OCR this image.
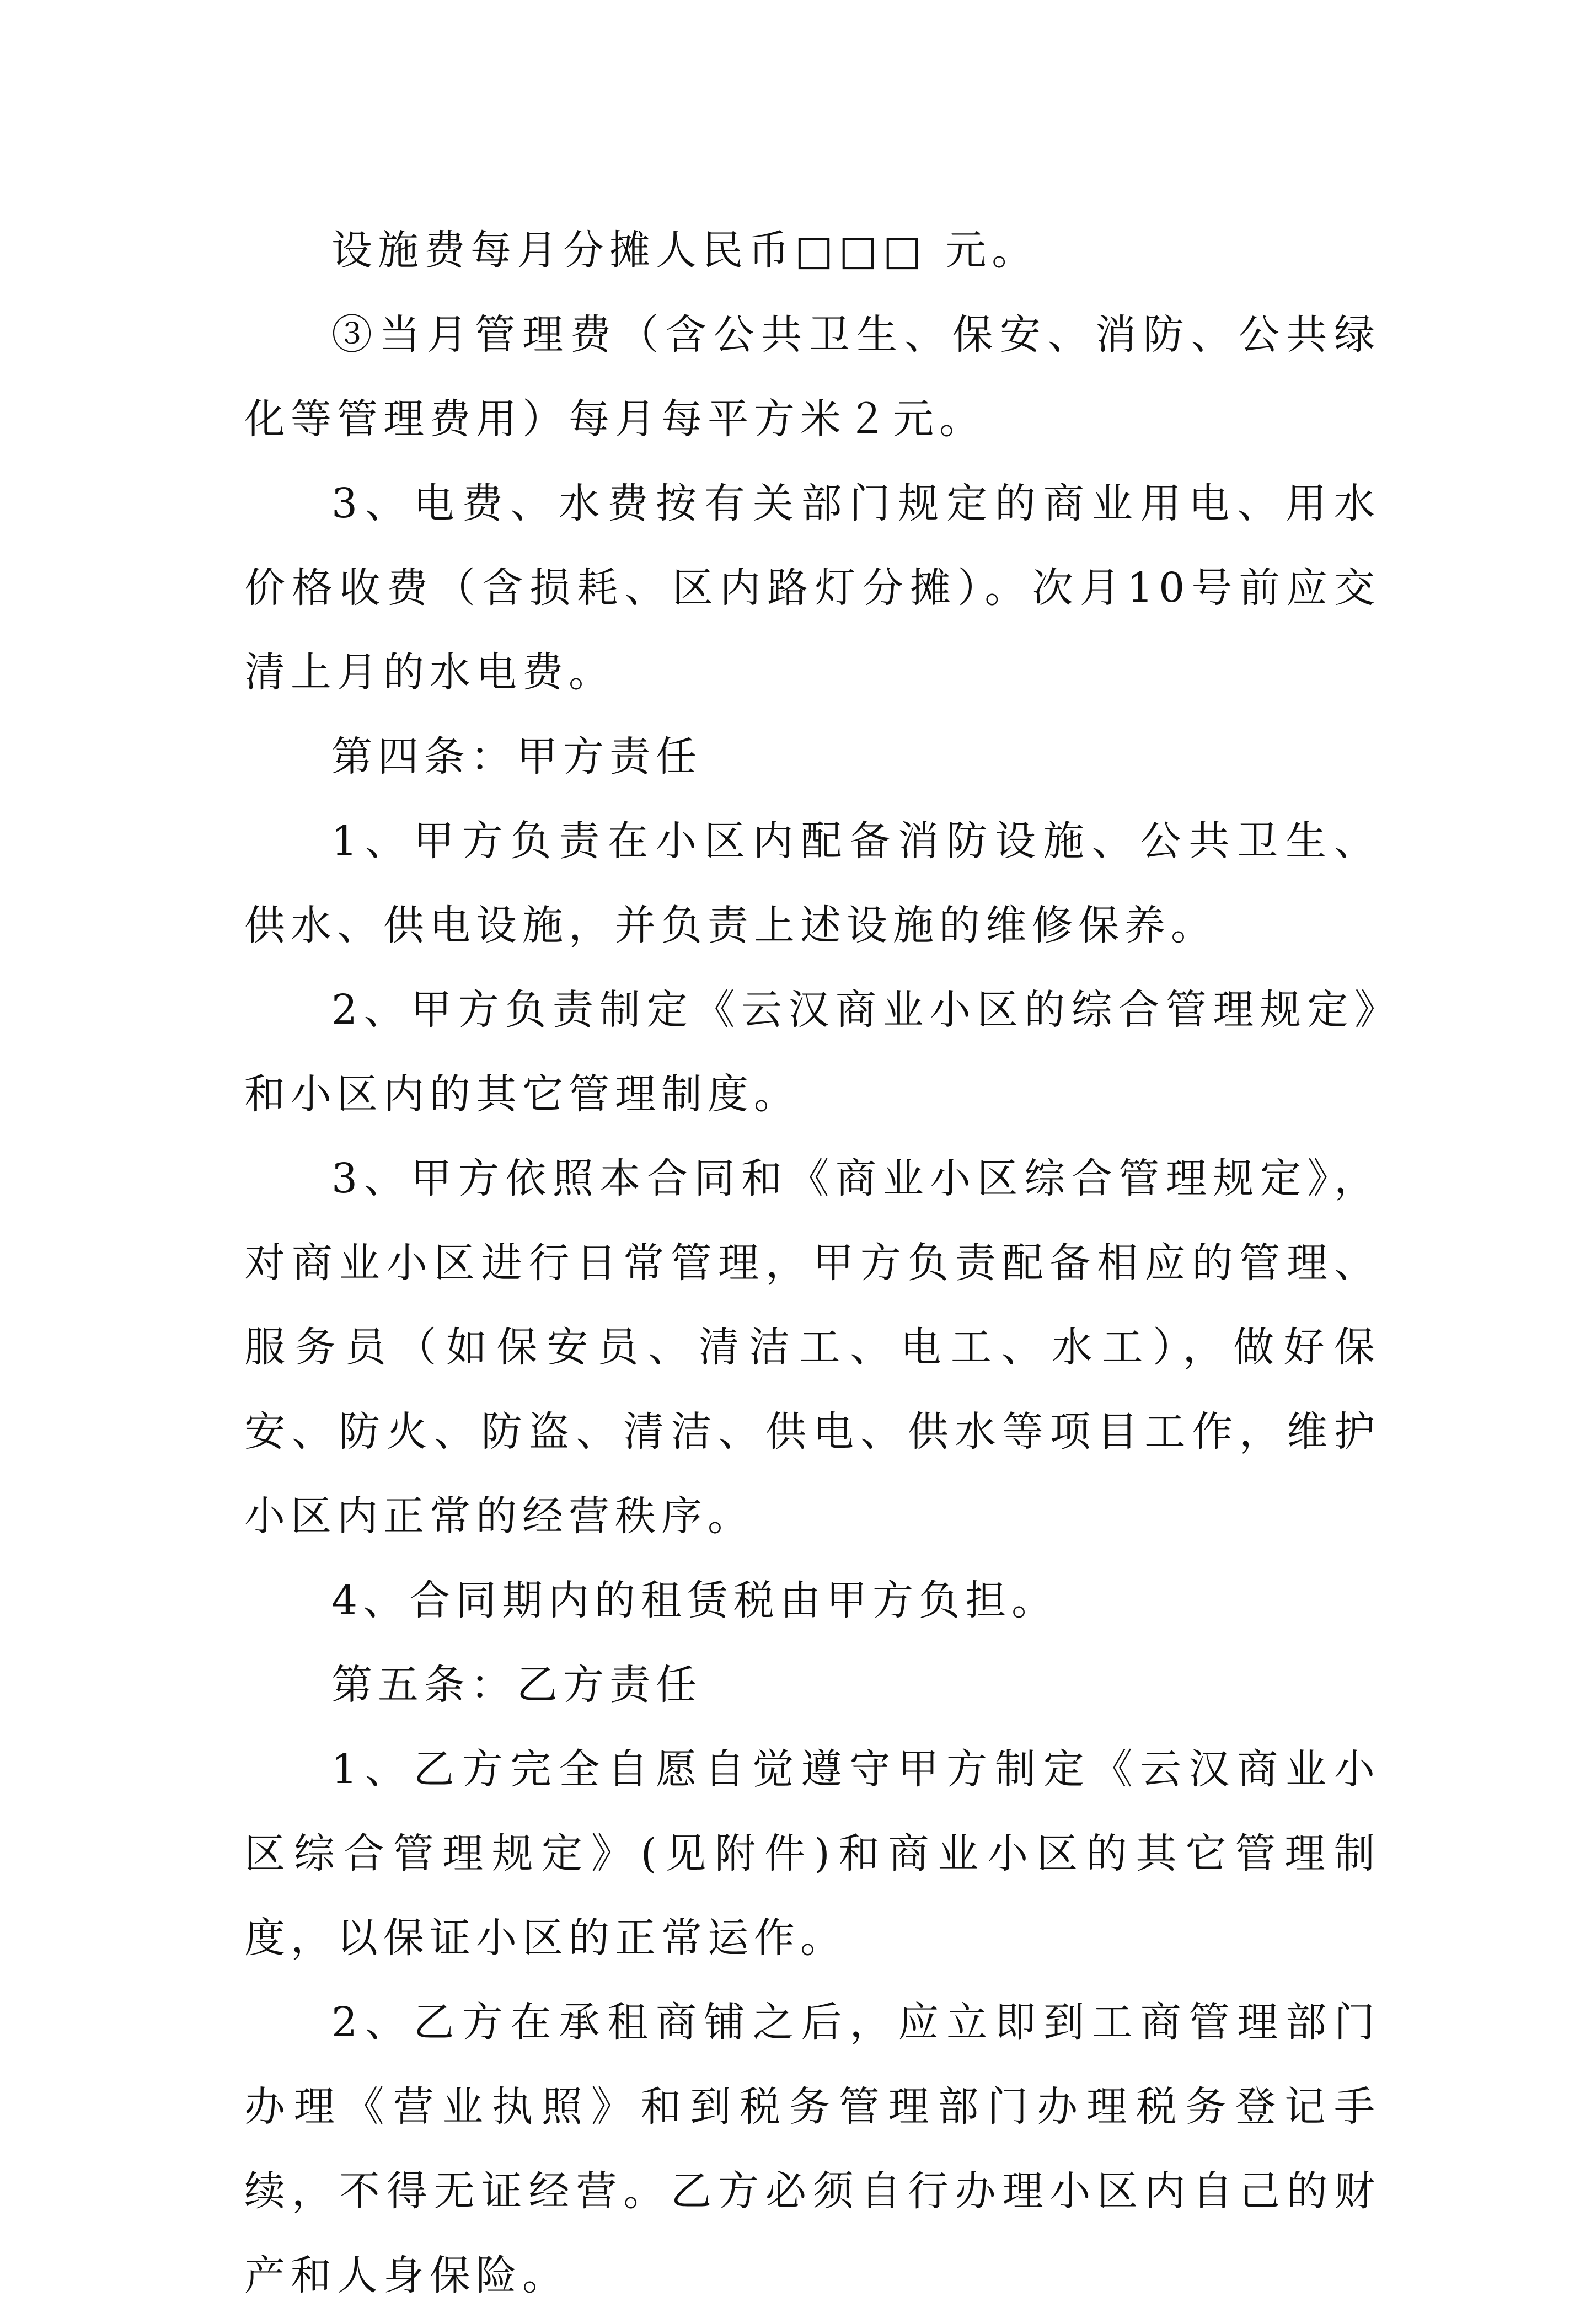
设施费每月分摊人民币□□□ 元。

③当月管理费（含公共卫生、保安、消防、公共绿化等管理费用）每月每平方米２元。

3、电费、水费按有关部门规定的商业用电、用水价格收费（含损耗、区内路灯分摊）。次月10号前应交清上月的水电费。

第四条：甲方责任

1、甲方负责在小区内配备消防设施、公共卫生、供水、供电设施，并负责上述设施的维修保养。

2、甲方负责制定《云汉商业小区的综合管理规定》和小区内的其它管理制度。

3、甲方依照本合同和《商业小区综合管理规定》，对商业小区进行日常管理，甲方负责配备相应的管理、服务员（如保安员、清洁工、电工、水工），做好保安、防火、防盗、清洁、供电、供水等项目工作，维护小区内正常的经营秩序。

4、合同期内的租赁税由甲方负担。

第五条：乙方责任

1、乙方完全自愿自觉遵守甲方制定《云汉商业小区综合管理规定》(见附件)和商业小区的其它管理制度，以保证小区的正常运作。

2、乙方在承租商铺之后，应立即到工商管理部门办理《营业执照》和到税务管理部门办理税务登记手续，不得无证经营。乙方必须自行办理小区内自己的财产和人身保险。
